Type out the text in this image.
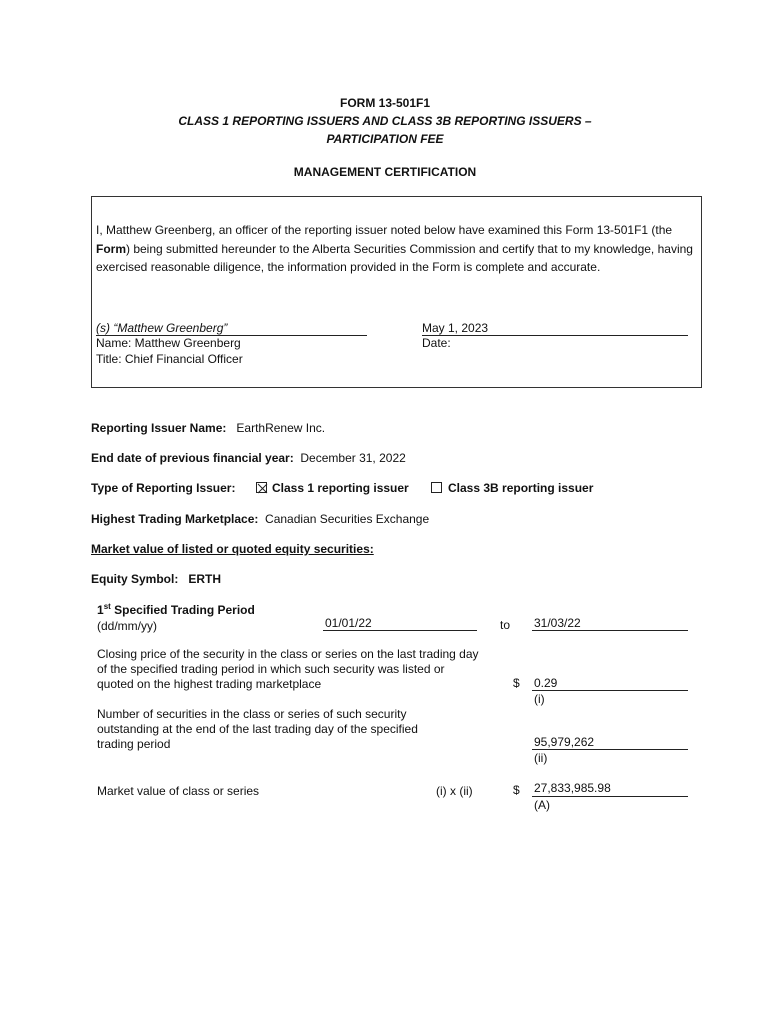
FORM 13-501F1
CLASS 1 REPORTING ISSUERS AND CLASS 3B REPORTING ISSUERS –
PARTICIPATION FEE
MANAGEMENT CERTIFICATION
I, Matthew Greenberg, an officer of the reporting issuer noted below have examined this Form 13-501F1 (the Form) being submitted hereunder to the Alberta Securities Commission and certify that to my knowledge, having exercised reasonable diligence, the information provided in the Form is complete and accurate.
(s) “Matthew Greenberg”
Name: Matthew Greenberg
Title: Chief Financial Officer
May 1, 2023
Date:
Reporting Issuer Name: EarthRenew Inc.
End date of previous financial year: December 31, 2022
Type of Reporting Issuer:	Class 1 reporting issuer	Class 3B reporting issuer
Highest Trading Marketplace: Canadian Securities Exchange
Market value of listed or quoted equity securities:
Equity Symbol: ERTH
1st Specified Trading Period
(dd/mm/yy)	01/01/22	to 31/03/22
Closing price of the security in the class or series on the last trading day of the specified trading period in which such security was listed or quoted on the highest trading marketplace	$ 0.29
(i)
Number of securities in the class or series of such security outstanding at the end of the last trading day of the specified trading period	95,979,262
(ii)
Market value of class or series	(i) x (ii)	$ 27,833,985.98
(A)
